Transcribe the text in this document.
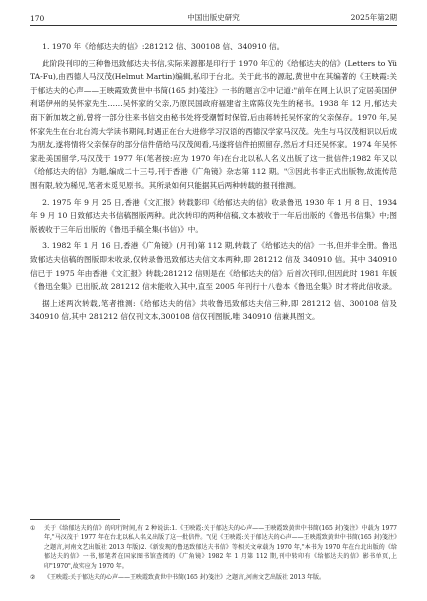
170	中国出版史研究	2025年第2期

1. 1970 年《给郁达夫的信》:281212 信、300108 信、340910 信。

此阶段刊印的三种鲁迅致郁达夫书信,实际来源都是印行于 1970 年①的《给郁达夫的信》(Letters to Yü TA-Fu),由西德人马汉茂(Helmut Martin)编辑,私印于台北。关于此书的源起,黄世中在其编著的《王映霞:关于郁达夫的心声——王映霞致黄世中书简(165 封)笺注》一书的题言②中记道:"前年在网上认识了定居美国伊利诺伊州的吴怀家先生……吴怀家的父亲,乃原民国政府福建省主席陈仪先生的秘书。1938 年 12 月,郁达夫南下新加坡之前,曾将一部分往来书信交由秘书处将受潮暂时保管,后由蒋转托吴怀家的父亲保存。1970 年,吴怀家先生在台北台湾大学读书期间,时遇正在台大进修学习汉语的西德汉学家马汉茂。先生与马汉茂相识以后成为朋友,遂将情将父亲保存的部分信件借给马汉茂阅看,马遂将信件拍照留存,然后才归还吴怀家。1974 年吴怀家赴美国留学,马汉茂于 1977 年(笔者按:应为 1970 年)在台北以私人名义出版了这一批信件;1982 年又以《给郁达夫的信》为题,编成二十三号,刊于香港《广角镜》杂志第 112 期。"③因此书非正式出版物,故流传范围有限,较为稀见,笔者未觅见原书。其所录如何只能据其后两种转载的报刊推测。

2. 1975 年 9 月 25 日,香港《文汇报》转载影印《给郁达夫的信》收录鲁迅 1930 年 1 月 8 日、1934 年 9 月 10 日致郁达夫书信稿图版两种。此次转印的两种信稿,文本被收于一年后出版的《鲁迅书信集》中;图版被收于三年后出版的《鲁迅手稿全集(书信)》中。

3. 1982 年 1 月 16 日,香港《广角镜》(月刊)第 112 期,转载了《给郁达夫的信》一书,但并非全册。鲁迅致郁达夫信稿的图版即未收录,仅转录鲁迅致郁达夫信文本两种,即 281212 信及 340910 信。其中 340910 信已于 1975 年由香港《文汇报》转载;281212 信则是在《给郁达夫的信》后首次刊印,但因此时 1981 年版《鲁迅全集》已出版,故 281212 信未能收入其中,直至 2005 年刊行十八卷本《鲁迅全集》时才将此信收录。

据上述两次转载,笔者推测:《给郁达夫的信》共收鲁迅致郁达夫信三种,即 281212 信、300108 信及 340910 信,其中 281212 信仅刊文本,300108 信仅刊图版,唯 340910 信兼具图文。

①	关于《给郁达夫的信》的印行时间,有 2 种说法:1.《王映霞:关于郁达夫的心声——王映霞致黄世中书简(165 封)笺注》中载为 1977 年,"马汉茂于 1977 年在台北以私人名义出版了这一批信件。"(见《王映霞:关于郁达夫的心声——王映霞致黄世中书简(165 封)笺注》之题言,河南文艺出版社 2013 年版)2.《新发现的鲁迅致郁达夫书信》等相关文章载为 1970 年,"本书为 1970 年在台北出版的《给郁达夫的信》一书,郁笔者在国家图书馆查阅的《广角镜》1982 年 1 月第 112 期,刊中转印有《给郁达夫的信》影书单页,上印"1970",故实应为 1970 年。
②	《王映霞:关于郁达夫的心声——王映霞致黄世中书简(165 封)笺注》之题言,河南文艺出版社 2013 年版。
